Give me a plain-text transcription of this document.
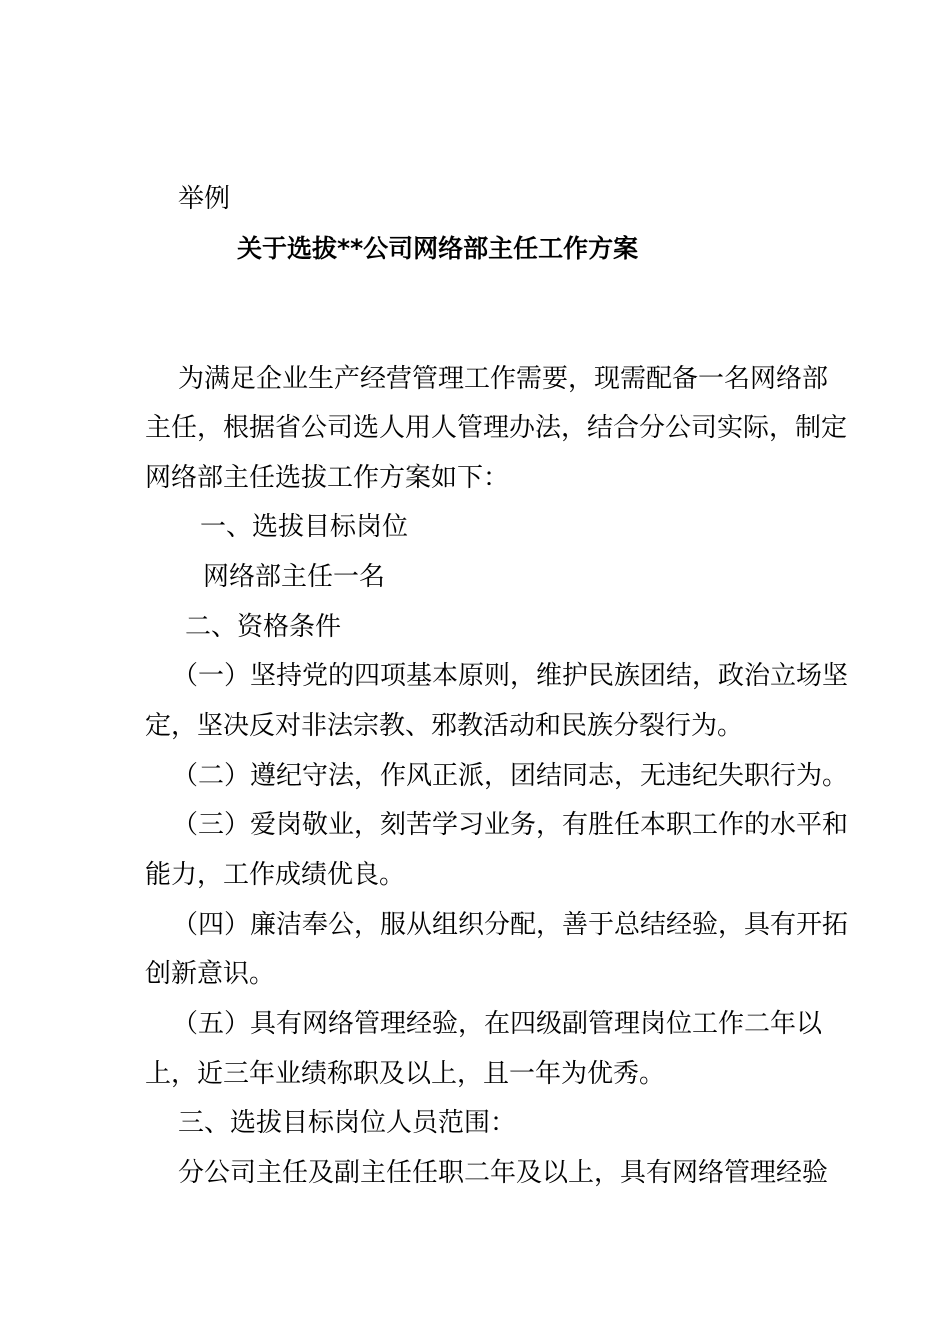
举例

关于选拔**公司网络部主任工作方案

为满足企业生产经营管理工作需要，现需配备一名网络部

主任，根据省公司选人用人管理办法，结合分公司实际，制定

网络部主任选拔工作方案如下：

一、选拔目标岗位

网络部主任一名

二、资格条件

（一）坚持党的四项基本原则，维护民族团结，政治立场坚

定，坚决反对非法宗教、邪教活动和民族分裂行为。

（二）遵纪守法，作风正派，团结同志，无违纪失职行为。

（三）爱岗敬业，刻苦学习业务，有胜任本职工作的水平和

能力，工作成绩优良。

（四）廉洁奉公，服从组织分配，善于总结经验，具有开拓

创新意识。

（五）具有网络管理经验，在四级副管理岗位工作二年以

上，近三年业绩称职及以上，且一年为优秀。

三、选拔目标岗位人员范围：

分公司主任及副主任任职二年及以上，具有网络管理经验
